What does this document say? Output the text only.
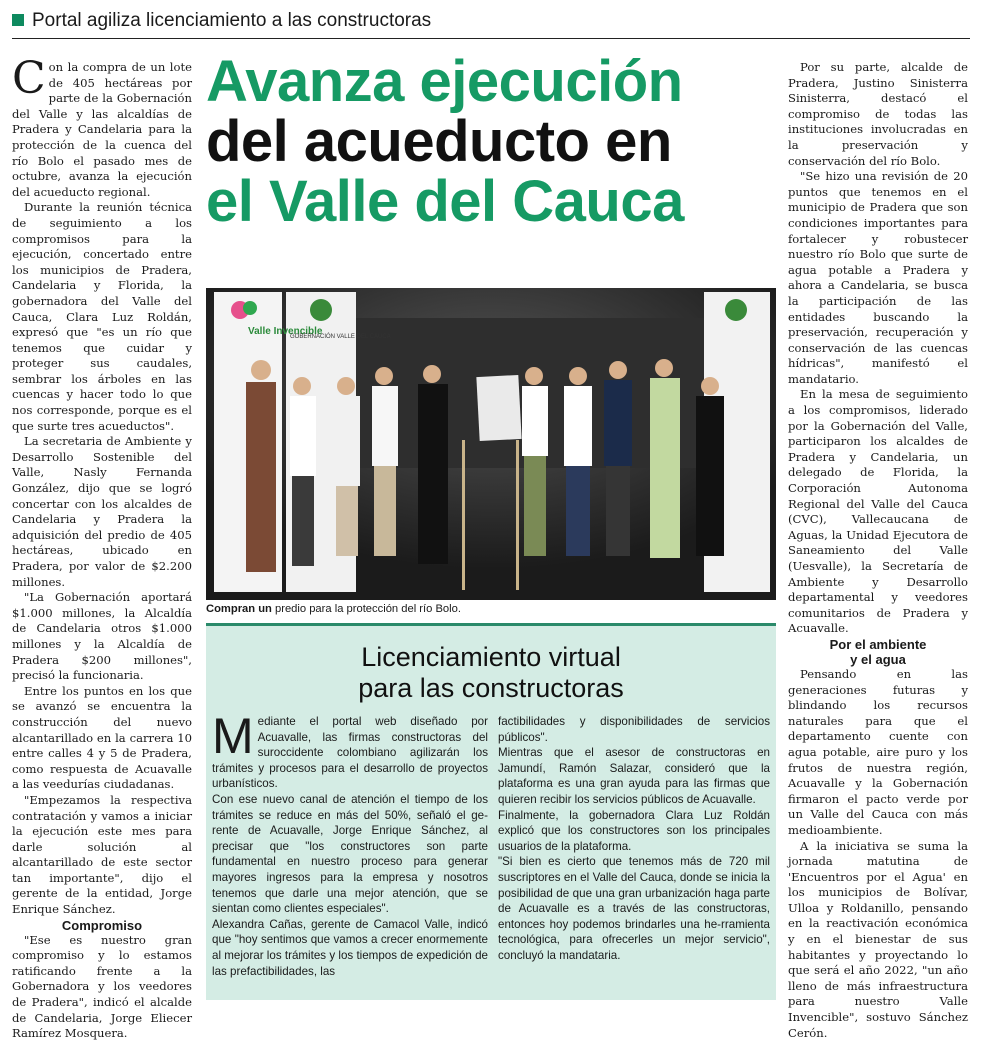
Portal agiliza licenciamiento a las constructoras

Con la compra de un lote de 405 hectáreas por parte de la Gobernación del Valle y las alcaldías de Pradera y Candelaria para la protección de la cuenca del río Bolo el pasado mes de octubre, avanza la ejecución del acueducto regional.

Durante la reunión técnica de seguimiento a los compromisos para la ejecución, concertado entre los municipios de Pradera, Candelaria y Florida, la gobernadora del Valle del Cauca, Clara Luz Roldán, expresó que "es un río que tenemos que cuidar y proteger sus caudales, sembrar los árboles en las cuencas y hacer todo lo que nos corresponde, porque es el que surte tres acueductos".

La secretaria de Ambiente y Desarrollo Sostenible del Valle, Nasly Fernanda González, dijo que se logró concertar con los alcaldes de Candelaria y Pradera la adquisición del predio de 405 hectáreas, ubicado en Pradera, por valor de $2.200 millones.

"La Gobernación aportará $1.000 millones, la Alcaldía de Candelaria otros $1.000 millones y la Alcaldía de Pradera $200 millones", precisó la funcionaria.

Entre los puntos en los que se avanzó se encuentra la construcción del nuevo alcantarillado en la carrera 10 entre calles 4 y 5 de Pradera, como respuesta de Acuavalle a las veedurías ciudadanas.

"Empezamos la respectiva contratación y vamos a iniciar la ejecución este mes para darle solución al alcantarillado de este sector tan importante", dijo el gerente de la entidad, Jorge Enrique Sánchez.

Compromiso

"Ese es nuestro gran compromiso y lo estamos ratificando frente a la Gobernadora y los veedores de Pradera", indicó el alcalde de Candelaria, Jorge Eliecer Ramírez Mosquera.

Avanza ejecución
del acueducto en
el Valle del Cauca
Valle Invencible
GOBERNACIÓN VALLE DEL CAUCA
Compran un predio para la protección del río Bolo.
Licenciamiento virtual
para las constructoras

Mediante el portal web diseñado por Acuavalle, las firmas constructoras del suroccidente colombiano agilizarán los trámites y procesos para el desarrollo de proyectos urbanísticos.

Con ese nuevo canal de atención el tiempo de los trámites se reduce en más del 50%, señaló el ge-rente de Acuavalle, Jorge Enrique Sánchez, al precisar que "los constructores son parte fundamental en nuestro proceso para generar mayores ingresos para la empresa y nosotros tenemos que darle una mejor atención, que se sientan como clientes especiales".

Alexandra Cañas, gerente de Camacol Valle, indicó que "hoy sentimos que vamos a crecer enormemente al mejorar los trámites y los tiempos de expedición de las prefactibilidades, las

factibilidades y disponibilidades de servicios públicos".

Mientras que el asesor de constructoras en Jamundí, Ramón Salazar, consideró que la plataforma es una gran ayuda para las firmas que quieren recibir los servicios públicos de Acuavalle.

Finalmente, la gobernadora Clara Luz Roldán explicó que los constructores son los principales usuarios de la plataforma.

"Si bien es cierto que tenemos más de 720 mil suscriptores en el Valle del Cauca, donde se inicia la posibilidad de que una gran urbanización haga parte de Acuavalle es a través de las constructoras, entonces hoy podemos brindarles una he-rramienta tecnológica, para ofrecerles un mejor servicio", concluyó la mandataria.

Por su parte, alcalde de Pradera, Justino Sinisterra Sinisterra, destacó el compromiso de todas las instituciones involucradas en la preservación y conservación del río Bolo.

"Se hizo una revisión de 20 puntos que tenemos en el municipio de Pradera que son condiciones importantes para fortalecer y robustecer nuestro río Bolo que surte de agua potable a Pradera y ahora a Candelaria, se busca la participación de las entidades buscando la preservación, recuperación y conservación de las cuencas hídricas", manifestó el mandatario.

En la mesa de seguimiento a los compromisos, liderado por la Gobernación del Valle, participaron los alcaldes de Pradera y Candelaria, un delegado de Florida, la Corporación Autonoma Regional del Valle del Cauca (CVC), Vallecaucana de Aguas, la Unidad Ejecutora de Saneamiento del Valle (Uesvalle), la Secretaría de Ambiente y Desarrollo departamental y veedores comunitarios de Pradera y Acuavalle.

Por el ambiente
y el agua

Pensando en las generaciones futuras y blindando los recursos naturales para que el departamento cuente con agua potable, aire puro y los frutos de nuestra región, Acuavalle y la Gobernación firmaron el pacto verde por un Valle del Cauca con más medioambiente.

A la iniciativa se suma la jornada matutina de 'Encuentros por el Agua' en los municipios de Bolívar, Ulloa y Roldanillo, pensando en la reactivación económica y en el bienestar de sus habitantes y proyectando lo que será el año 2022, "un año lleno de más infraestructura para nuestro Valle Invencible", sostuvo Sánchez Cerón.
